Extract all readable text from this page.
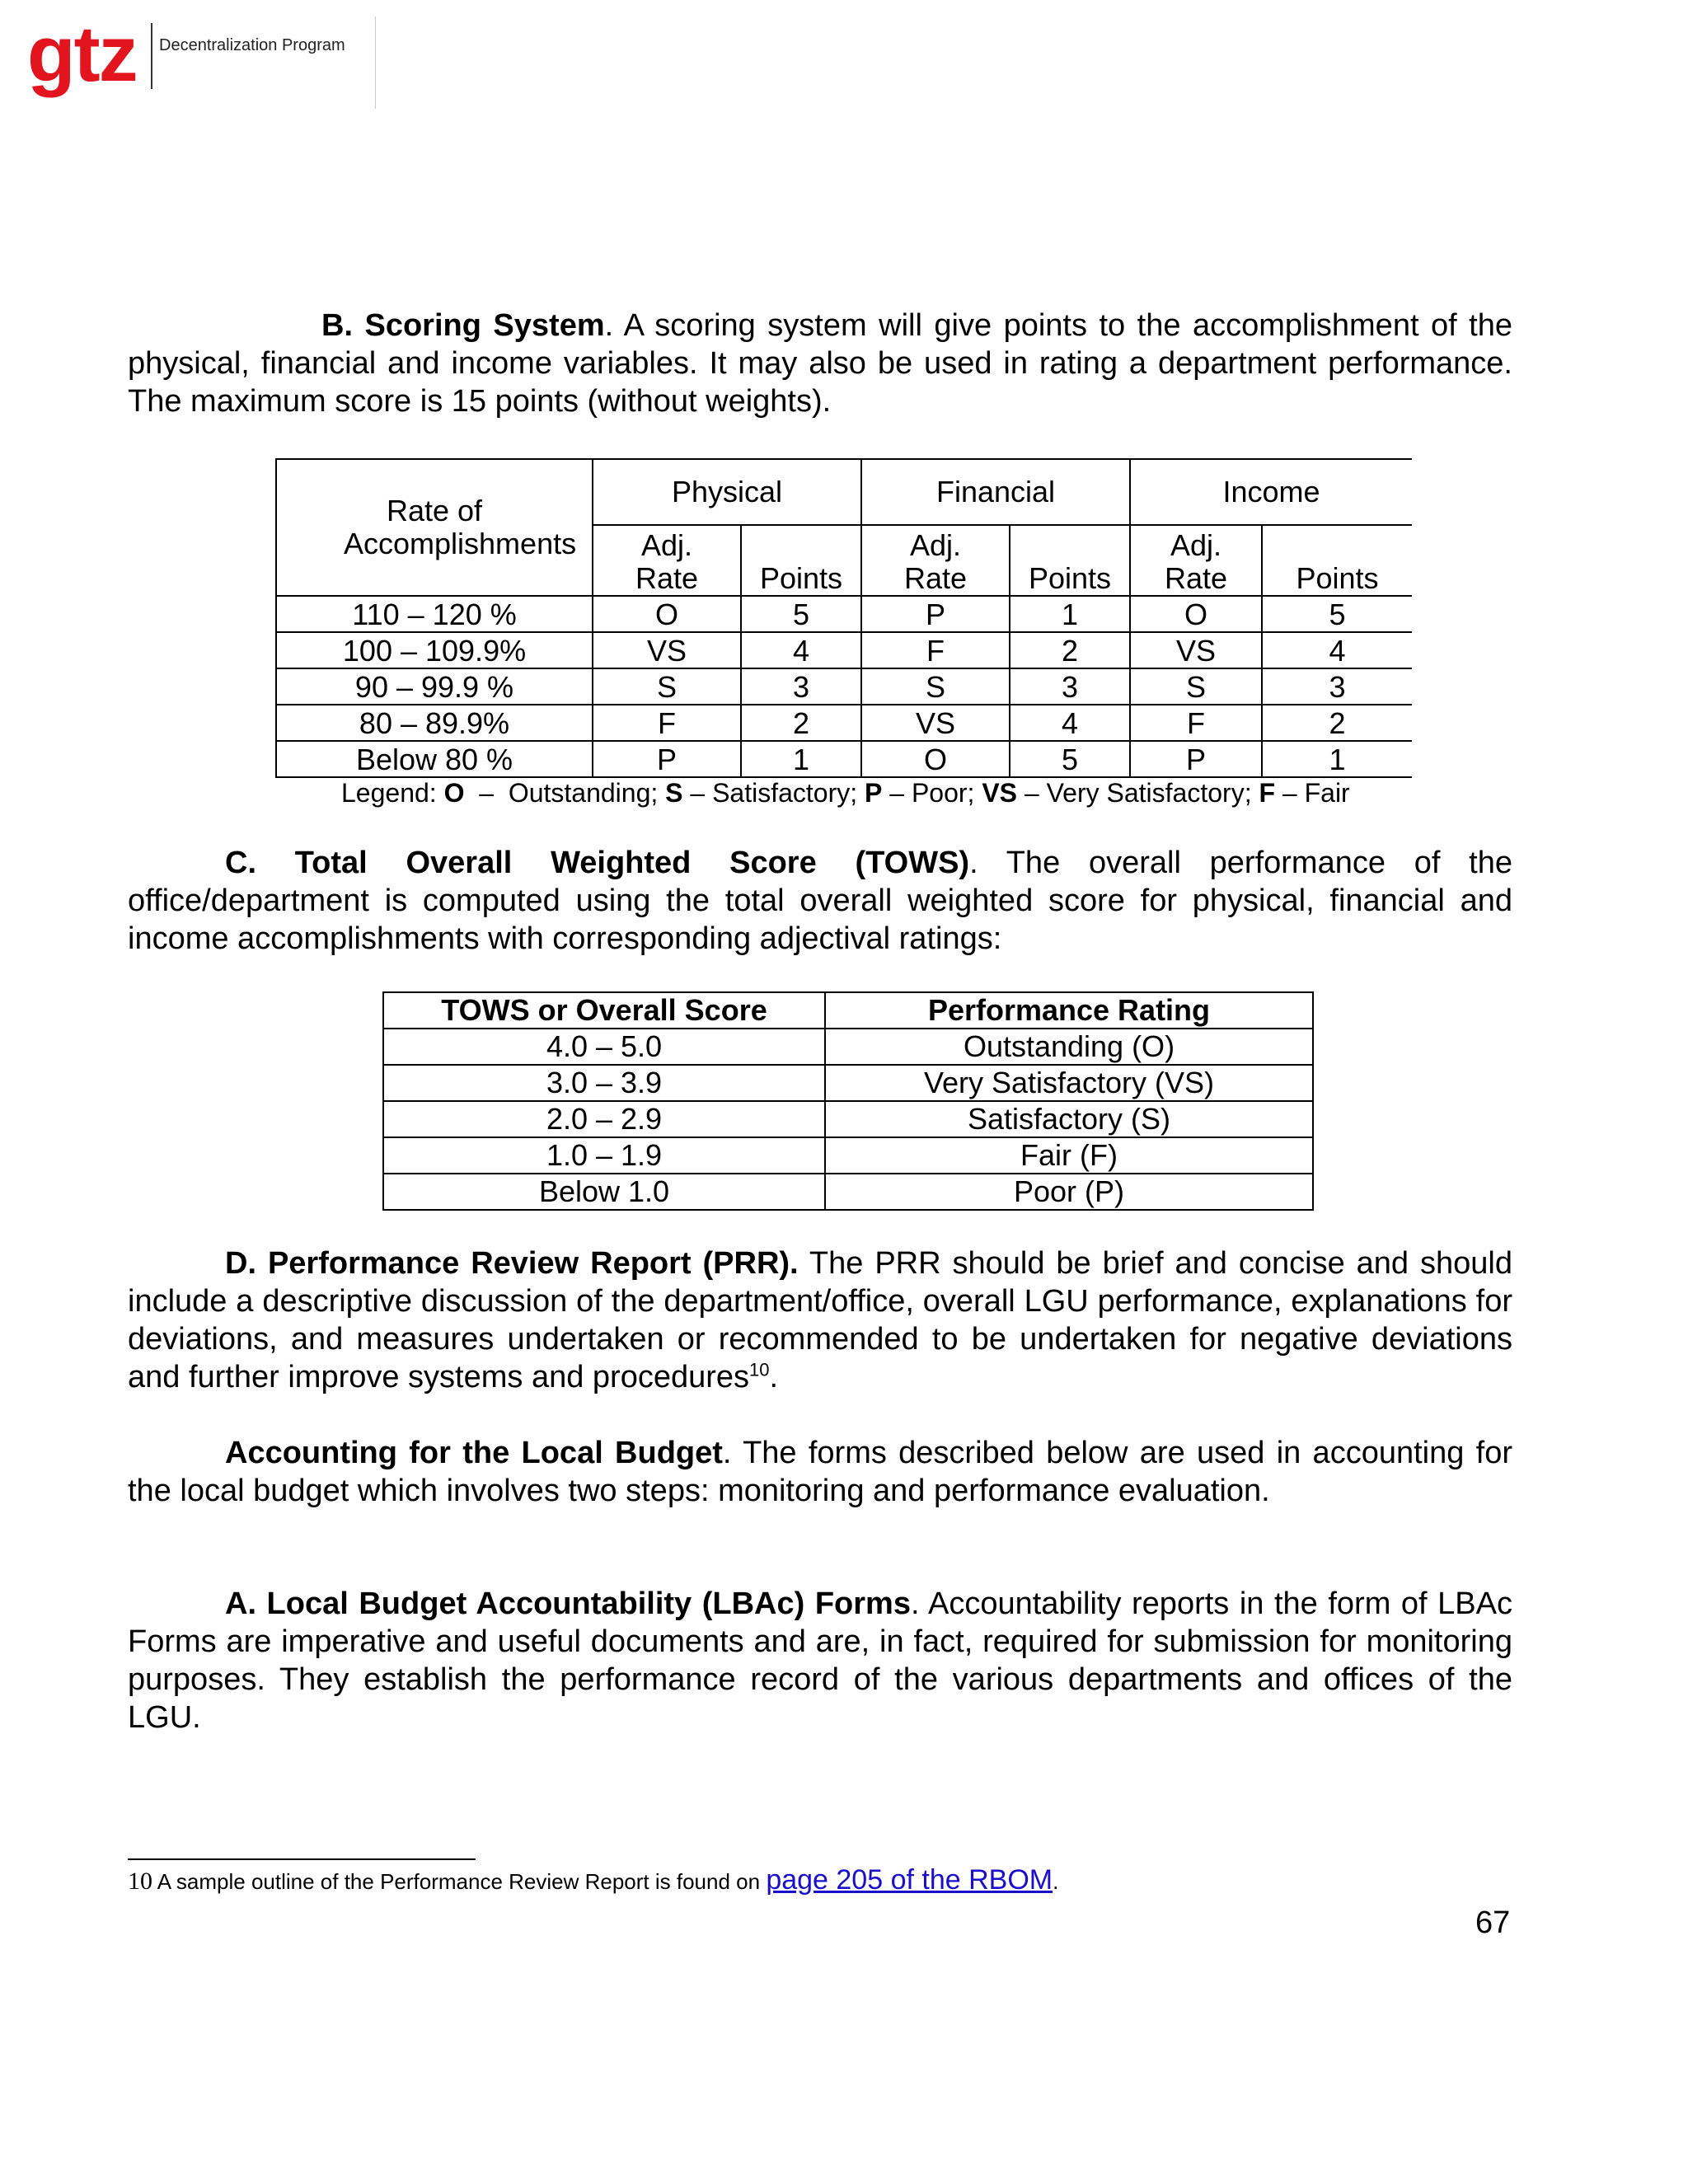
gtz Decentralization Program

B. Scoring System. A scoring system will give points to the accomplishment of the physical, financial and income variables. It may also be used in rating a department performance. The maximum score is 15 points (without weights).

Rate of Accomplishments	Physical		Financial		Income	

	Adj. Rate	Points	Adj. Rate	Points	Adj. Rate	Points
110 – 120 %	O	5	P	1	O	5
100 – 109.9%	VS	4	F	2	VS	4
90 – 99.9 %	S	3	S	3	S	3
80 – 89.9%	F	2	VS	4	F	2
Below 80 %	P	1	O	5	P	1
Legend: O  –  Outstanding; S – Satisfactory; P – Poor; VS – Very Satisfactory; F – Fair

C. Total Overall Weighted Score (TOWS). The overall performance of the office/department is computed using the total overall weighted score for physical, financial and income accomplishments with corresponding adjectival ratings:

TOWS or Overall Score	Performance Rating
4.0 – 5.0	Outstanding (O)
3.0 – 3.9	Very Satisfactory (VS)
2.0 – 2.9	Satisfactory (S)
1.0 – 1.9	Fair (F)
Below 1.0	Poor (P)

D. Performance Review Report (PRR). The PRR should be brief and concise and should include a descriptive discussion of the department/office, overall LGU performance, explanations for deviations, and measures undertaken or recommended to be undertaken for negative deviations and further improve systems and procedures$^{10}$.

Accounting for the Local Budget. The forms described below are used in accounting for the local budget which involves two steps: monitoring and performance evaluation.

A. Local Budget Accountability (LBAc) Forms. Accountability reports in the form of LBAc Forms are imperative and useful documents and are, in fact, required for submission for monitoring purposes. They establish the performance record of the various departments and offices of the LGU.

10 A sample outline of the Performance Review Report is found on page 205 of the RBOM.
67
